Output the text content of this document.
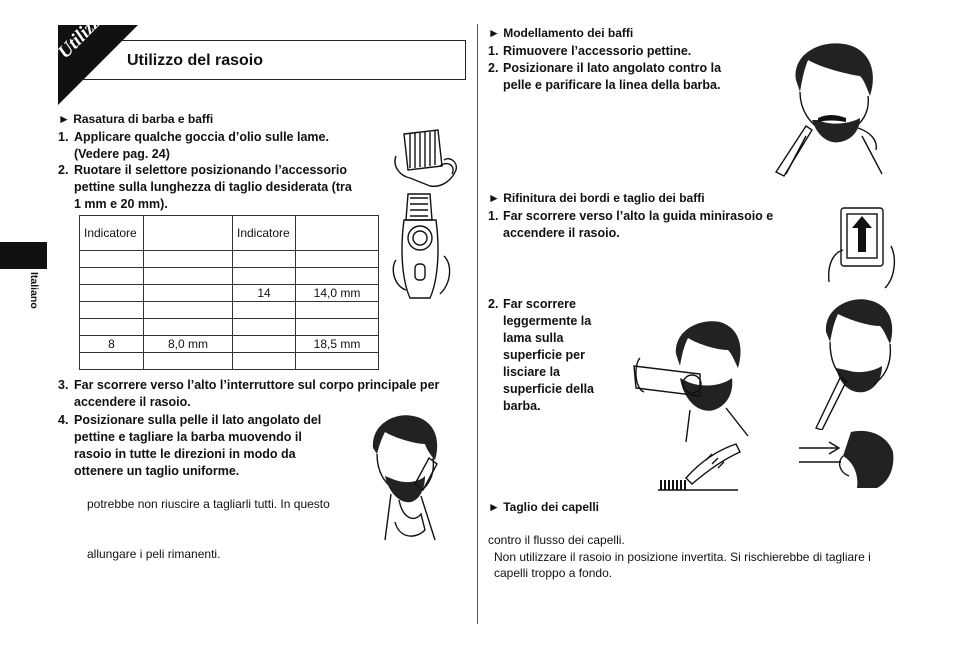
Utilizzo Utilizzo del rasoio
Italiano
► Rasatura di barba e baffi
1. Applicare qualche goccia d’olio sulle lame.
(Vedere pag. 24)
2. Ruotare il selettore posizionando l’accessorio
pettine sulla lunghezza di taglio desiderata (tra
1 mm e 20 mm).
Indicatore		Indicatore	

		14	14,0 mm

8	8,0 mm		18,5 mm

3. Far scorrere verso l’alto l’interruttore sul corpo principale per
accendere il rasoio.
4. Posizionare sulla pelle il lato angolato del
pettine e tagliare la barba muovendo il
rasoio in tutte le direzioni in modo da
ottenere un taglio uniforme.
potrebbe non riuscire a tagliarli tutti. In questo
allungare i peli rimanenti.
► Modellamento dei baffi
1. Rimuovere l’accessorio pettine.
2. Posizionare il lato angolato contro la
pelle e parificare la linea della barba.
► Rifinitura dei bordi e taglio dei baffi
1. Far scorrere verso l’alto la guida minirasoio e
accendere il rasoio.
2. Far scorrere
leggermente la
lama sulla
superficie per
lisciare la
superficie della
barba.
► Taglio dei capelli
contro il flusso dei capelli.
Non utilizzare il rasoio in posizione invertita. Si rischierebbe di tagliare i
capelli troppo a fondo.
